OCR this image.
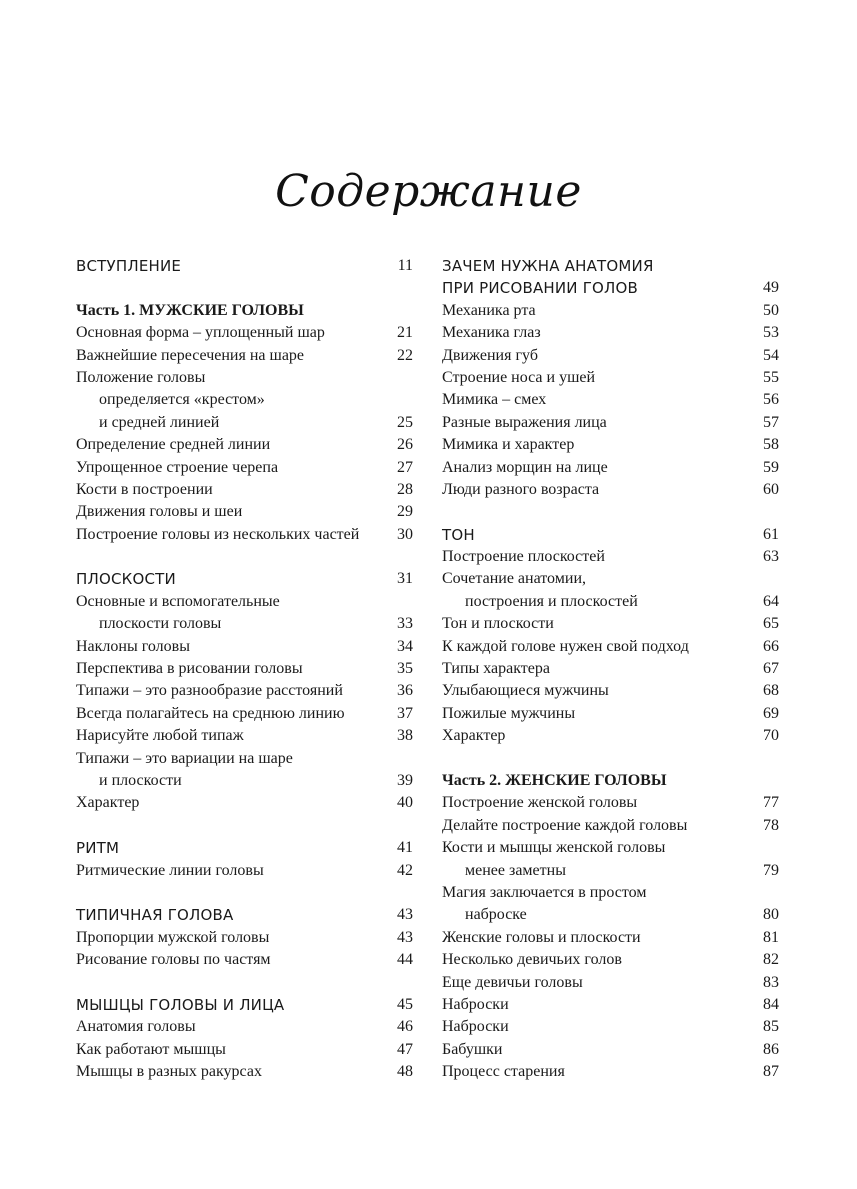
Содержание
ВСТУПЛЕНИЕ	11
Часть 1. МУЖСКИЕ ГОЛОВЫ
Основная форма – уплощенный шар	21
Важнейшие пересечения на шаре	22
Положение головы
определяется «крестом»
и средней линией	25
Определение средней линии	26
Упрощенное строение черепа	27
Кости в построении	28
Движения головы и шеи	29
Построение головы из нескольких частей 30
ПЛОСКОСТИ	31
Основные и вспомогательные
плоскости головы	33
Наклоны головы	34
Перспектива в рисовании головы	35
Типажи – это разнообразие расстояний	36
Всегда полагайтесь на среднюю линию	37
Нарисуйте любой типаж	38
Типажи – это вариации на шаре
и плоскости	39
Характер	40
РИТМ	41
Ритмические линии головы	42
ТИПИЧНАЯ ГОЛОВА	43
Пропорции мужской головы	43
Рисование головы по частям	44
МЫШЦЫ ГОЛОВЫ И ЛИЦА	45
Анатомия головы	46
Как работают мышцы	47
Мышцы в разных ракурсах	48
ЗАЧЕМ НУЖНА АНАТОМИЯ
ПРИ РИСОВАНИИ ГОЛОВ	49
Механика рта	50
Механика глаз	53
Движения губ	54
Строение носа и ушей	55
Мимика – смех	56
Разные выражения лица	57
Мимика и характер	58
Анализ морщин на лице	59
Люди разного возраста	60
ТОН	61
Построение плоскостей	63
Сочетание анатомии,
построения и плоскостей	64
Тон и плоскости	65
К каждой голове нужен свой подход	66
Типы характера	67
Улыбающиеся мужчины	68
Пожилые мужчины	69
Характер	70
Часть 2. ЖЕНСКИЕ ГОЛОВЫ
Построение женской головы	77
Делайте построение каждой головы	78
Кости и мышцы женской головы
менее заметны	79
Магия заключается в простом
наброске	80
Женские головы и плоскости	81
Несколько девичьих голов	82
Еще девичьи головы	83
Наброски	84
Наброски	85
Бабушки	86
Процесс старения	87
